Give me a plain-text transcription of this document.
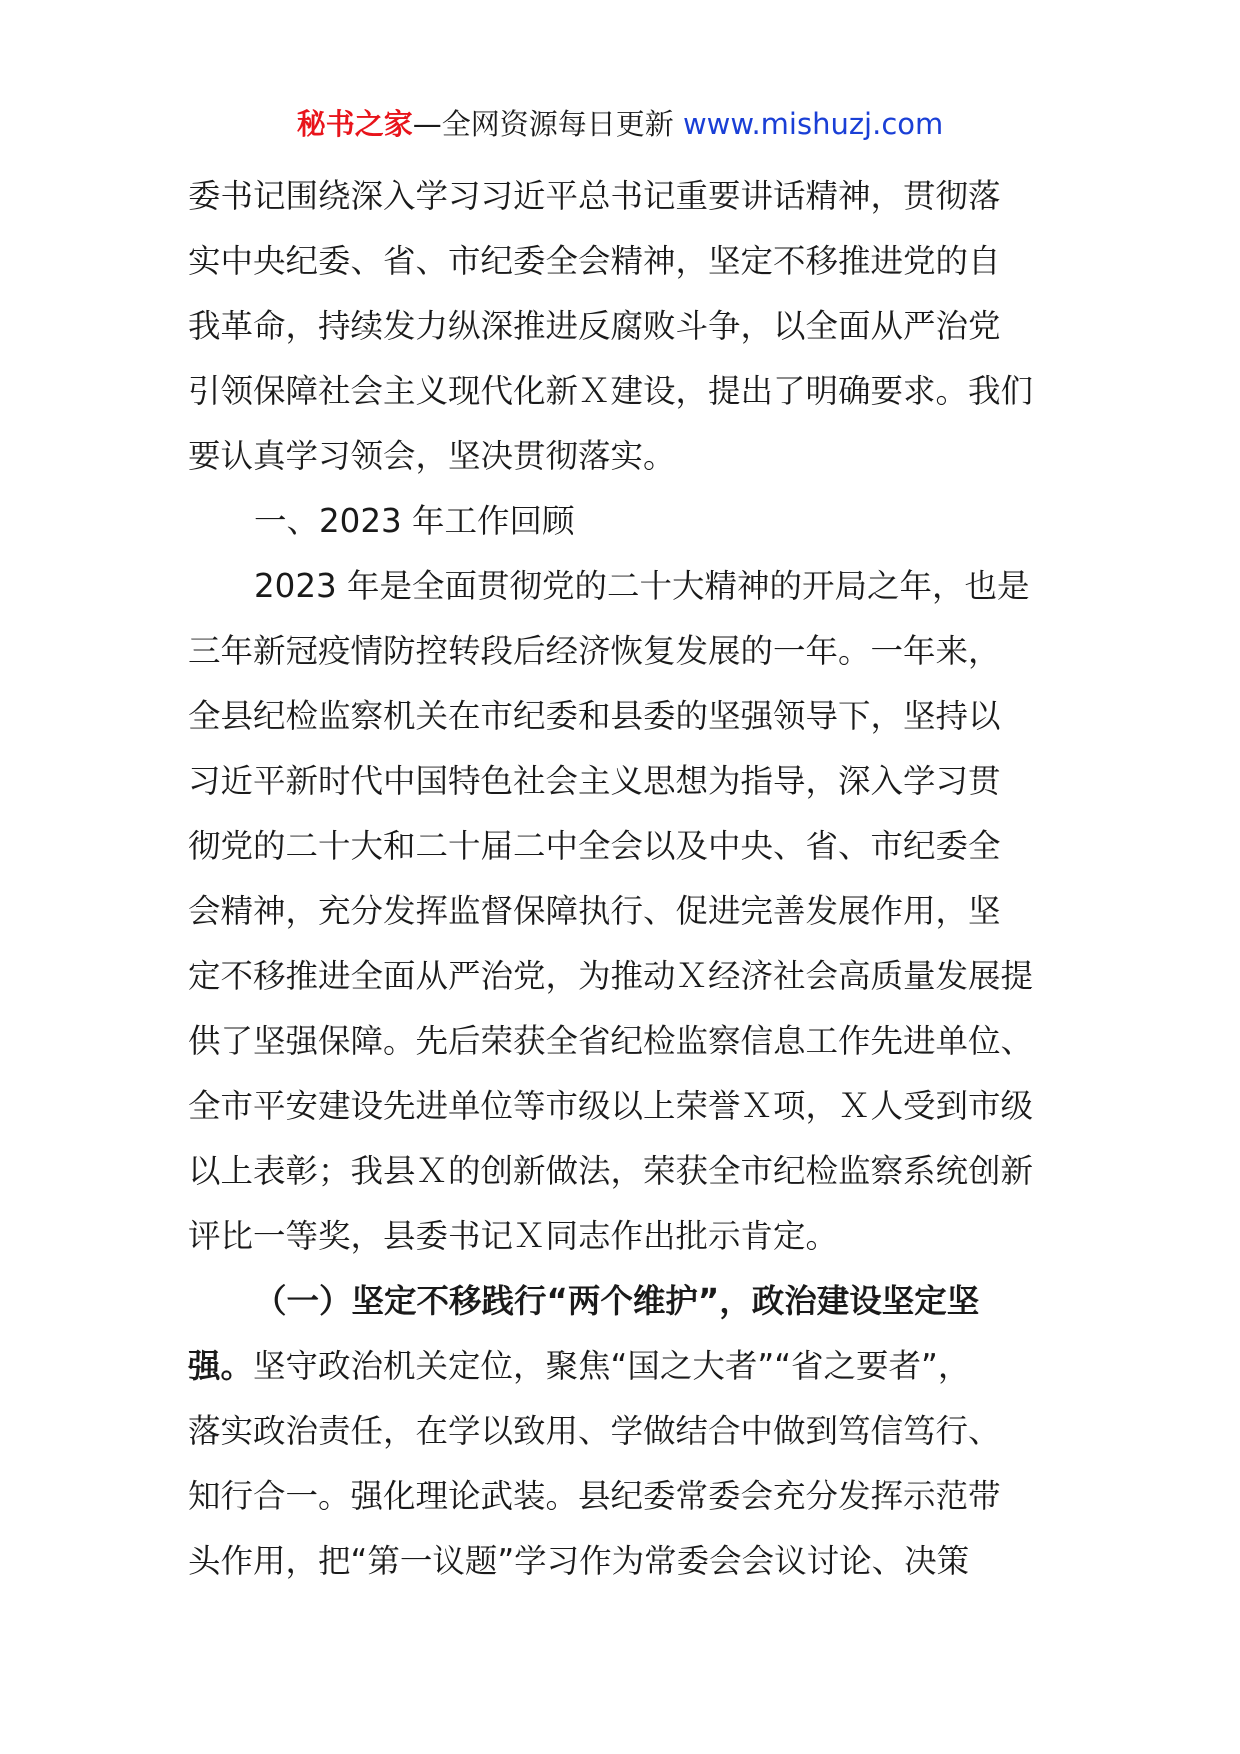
秘书之家—全网资源每日更新 www.mishuzj.com
委书记围绕深入学习习近平总书记重要讲话精神，贯彻落
实中央纪委、省、市纪委全会精神，坚定不移推进党的自
我革命，持续发力纵深推进反腐败斗争，以全面从严治党
引领保障社会主义现代化新Ｘ建设，提出了明确要求。我们
要认真学习领会，坚决贯彻落实。
一、2023 年工作回顾
2023 年是全面贯彻党的二十大精神的开局之年，也是
三年新冠疫情防控转段后经济恢复发展的一年。一年来，
全县纪检监察机关在市纪委和县委的坚强领导下，坚持以
习近平新时代中国特色社会主义思想为指导，深入学习贯
彻党的二十大和二十届二中全会以及中央、省、市纪委全
会精神，充分发挥监督保障执行、促进完善发展作用，坚
定不移推进全面从严治党，为推动Ｘ经济社会高质量发展提
供了坚强保障。先后荣获全省纪检监察信息工作先进单位、
全市平安建设先进单位等市级以上荣誉Ｘ项，Ｘ人受到市级
以上表彰；我县Ｘ的创新做法，荣获全市纪检监察系统创新
评比一等奖，县委书记Ｘ同志作出批示肯定。
（一）坚定不移践行“两个维护”，政治建设坚定坚
强。坚守政治机关定位，聚焦“国之大者”“省之要者”，
落实政治责任，在学以致用、学做结合中做到笃信笃行、
知行合一。强化理论武装。县纪委常委会充分发挥示范带
头作用，把“第一议题”学习作为常委会会议讨论、决策
